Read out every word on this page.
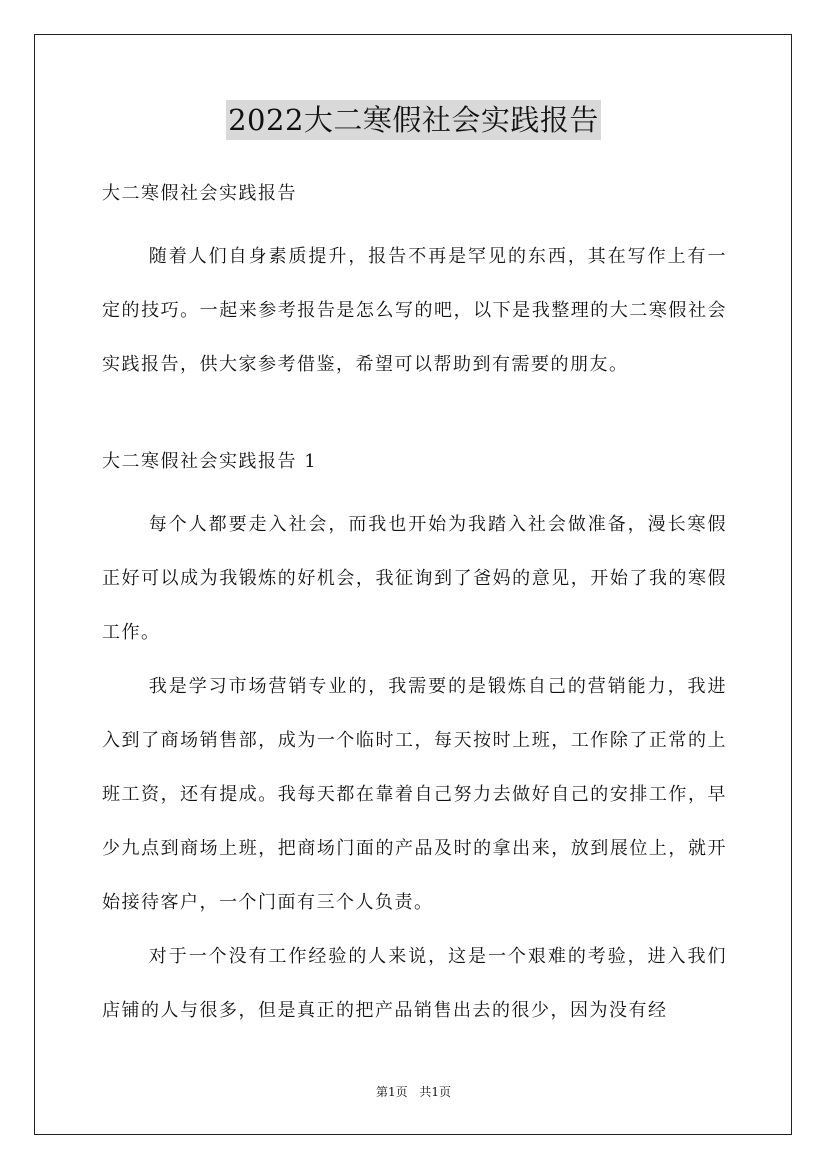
2022大二寒假社会实践报告

大二寒假社会实践报告

随着人们自身素质提升，报告不再是罕见的东西，其在写作上有一定的技巧。一起来参考报告是怎么写的吧，以下是我整理的大二寒假社会实践报告，供大家参考借鉴，希望可以帮助到有需要的朋友。

大二寒假社会实践报告 1

每个人都要走入社会，而我也开始为我踏入社会做准备，漫长寒假正好可以成为我锻炼的好机会，我征询到了爸妈的意见，开始了我的寒假工作。

我是学习市场营销专业的，我需要的是锻炼自己的营销能力，我进入到了商场销售部，成为一个临时工，每天按时上班，工作除了正常的上班工资，还有提成。我每天都在靠着自己努力去做好自己的安排工作，早少九点到商场上班，把商场门面的产品及时的拿出来，放到展位上，就开始接待客户，一个门面有三个人负责。

对于一个没有工作经验的人来说，这是一个艰难的考验，进入我们店铺的人与很多，但是真正的把产品销售出去的很少，因为没有经

第1页 共1页
